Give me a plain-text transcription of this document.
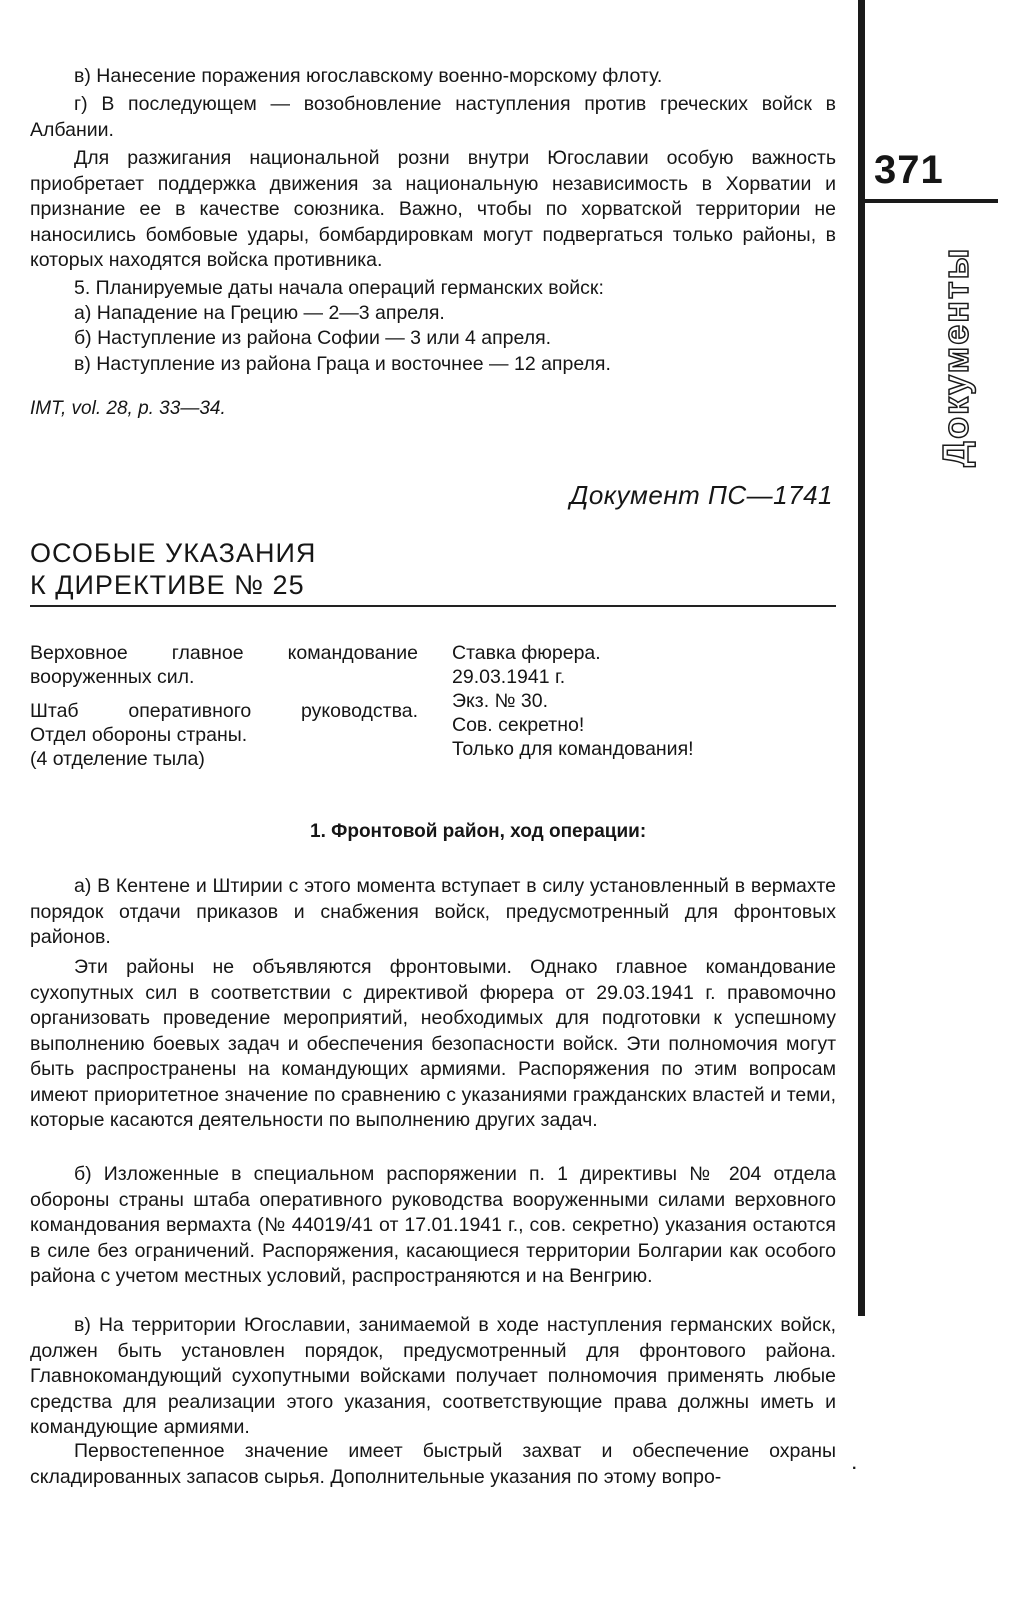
в) Нанесение поражения югославскому военно-морскому флоту.

г) В последующем — возобновление наступления против греческих войск в Албании.

Для разжигания национальной розни внутри Югославии особую важность приобретает поддержка движения за национальную независимость в Хорватии и признание ее в качестве союзника. Важно, чтобы по хорватской территории не наносились бомбовые удары, бомбардировкам могут подвергаться только районы, в которых находятся войска противника.

5. Планируемые даты начала операций германских войск:

а) Нападение на Грецию — 2—3 апреля.

б) Наступление из района Софии — 3 или 4 апреля.

в) Наступление из района Граца и восточнее — 12 апреля.

IMT, vol. 28, p. 33—34.
Документ ПС—1741
ОСОБЫЕ УКАЗАНИЯ
К ДИРЕКТИВЕ № 25
Верховное главное командование
вооруженных сил.
Штаб оперативного руководства.
Отдел обороны страны.
(4 отделение тыла)
Ставка фюрера.
29.03.1941 г.
Экз. № 30.
Сов. секретно!
Только для командования!
1. Фронтовой район, ход операции:

а) В Кентене и Штирии с этого момента вступает в силу установленный в вермахте порядок отдачи приказов и снабжения войск, предусмотренный для фронтовых районов.

Эти районы не объявляются фронтовыми. Однако главное командование сухопутных сил в соответствии с директивой фюрера от 29.03.1941 г. правомочно организовать проведение мероприятий, необходимых для подготовки к успешному выполнению боевых задач и обеспечения безопасности войск. Эти полномочия могут быть распространены на командующих армиями. Распоряжения по этим вопросам имеют приоритетное значение по сравнению с указаниями гражданских властей и теми, которые касаются деятельности по выполнению других задач.

б) Изложенные в специальном распоряжении п. 1 директивы № 204 отдела обороны страны штаба оперативного руководства вооруженными силами верховного командования вермахта (№ 44019/41 от 17.01.1941 г., сов. секретно) указания остаются в силе без ограничений. Распоряжения, касающиеся территории Болгарии как особого района с учетом местных условий, распространяются и на Венгрию.

в) На территории Югославии, занимаемой в ходе наступления германских войск, должен быть установлен порядок, предусмотренный для фронтового района. Главнокомандующий сухопутными войсками получает полномочия применять любые средства для реализации этого указания, соответствующие права должны иметь и командующие армиями.

Первостепенное значение имеет быстрый захват и обеспечение охраны складированных запасов сырья. Дополнительные указания по этому вопро-

371
Документы
·
